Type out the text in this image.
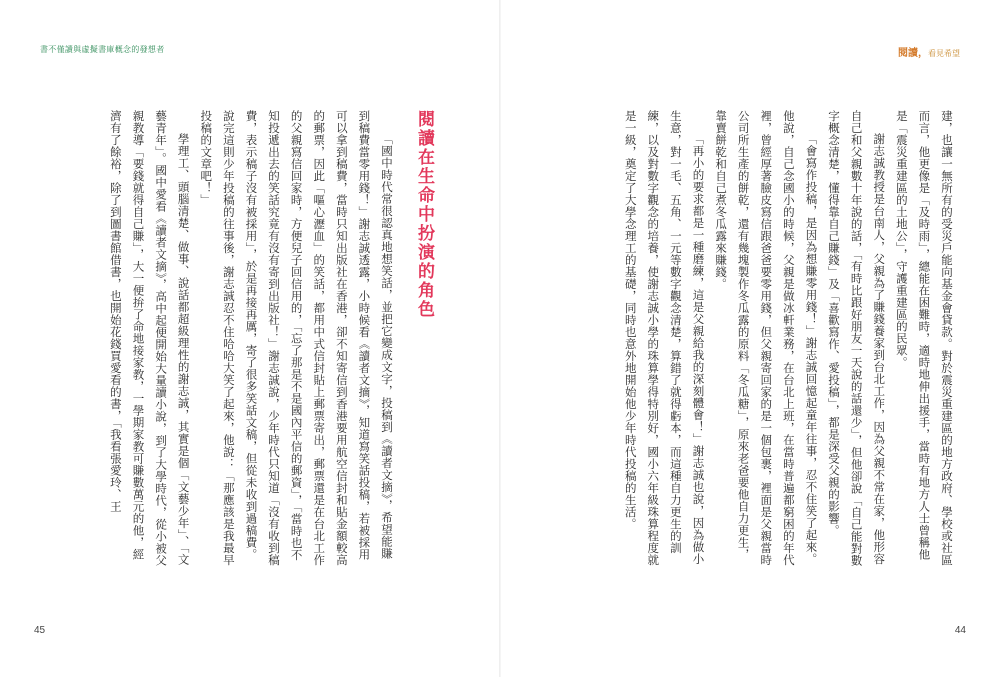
書不僅讀與虛擬書庫概念的發想者	閱讀，看見希望

建，也讓一無所有的受災戶能向基金會貸款。對於震災重建區的地方政府、學校或社區而言，他更像是「及時雨」，總能在困難時，適時地伸出援手，當時有地方人士曾稱他是「震災重建區的土地公」，守護重建區的民眾。

謝志誠教授是台南人，父親為了賺錢養家到台北工作，因為父親不常在家，他形容自己和父親數十年說的話，「有時比跟好朋友一天說的話還少」，但他卻說「自己能對數字概念清楚，懂得靠自己賺錢」及「喜歡寫作、愛投稿」，都是深受父親的影響。

「會寫作投稿，是因為想賺零用錢！」謝志誠回憶起童年往事，忍不住笑了起來。他說，自己念國小的時候，父親是做冰軒業務，在台北上班，在當時普遍都窮困的年代裡，曾經厚著臉皮寫信跟爸爸要零用錢，但父親寄回家的是一個包裹，裡面是父親當時公司所生產的餅乾，還有幾塊製作冬瓜露的原料「冬瓜糖」，原來老爸要他自力更生，靠賣餅乾和自己煮冬瓜露來賺錢。

「再小的要求都是一種磨練，這是父親給我的深刻體會！」謝志誠也說，因為做小生意，對一毛、五角、一元等數字觀念清楚，算錯了就得虧本，而這種自力更生的訓練，以及對數字觀念的培養，使謝志誠小學的珠算學得特別好，國小六年級珠算程度就是一級，奠定了大學念理工的基礎，同時也意外地開始他少年時代投稿的生活。

閱讀在生命中扮演的角色

「國中時代常很認真地想笑話，並把它變成文字，投稿到《讀者文摘》，希望能賺到稿費當零用錢！」謝志誠透露，小時候看《讀者文摘》，知道寫笑話投稿，若被採用可以拿到稿費，當時只知出版社在香港，卻不知寄信到香港要用航空信封和貼金額較高的郵票，因此「嘔心瀝血」的笑話，都用中式信封貼上郵票寄出，郵票還是在台北工作的父親寫信回家時，方便兒子回信用的，「忘了那是不是國內平信的郵資」，「當時也不知投遞出去的笑話究竟有沒有寄到出版社！」謝志誠說，少年時代只知道「沒有收到稿費，表示稿子沒有被採用」，於是再接再厲，寄了很多笑話文稿，但從未收到過稿費。說完這則少年投稿的往事後，謝志誠忍不住哈哈大笑了起來，他說：「那應該是我最早投稿的文章吧！」

學理工、頭腦清楚、做事、說話都超級理性的謝志誠，其實是個「文藝少年」、「文藝青年」。國中愛看《讀者文摘》，高中起便開始大量讀小說，到了大學時代，從小被父親教導「要錢就得自己賺」，大一便拚了命地接家教，一學期家教可賺數萬元的他，經濟有了餘裕，除了到圖書館借書，也開始花錢買愛看的書，「我看張愛玲、王

45	44
